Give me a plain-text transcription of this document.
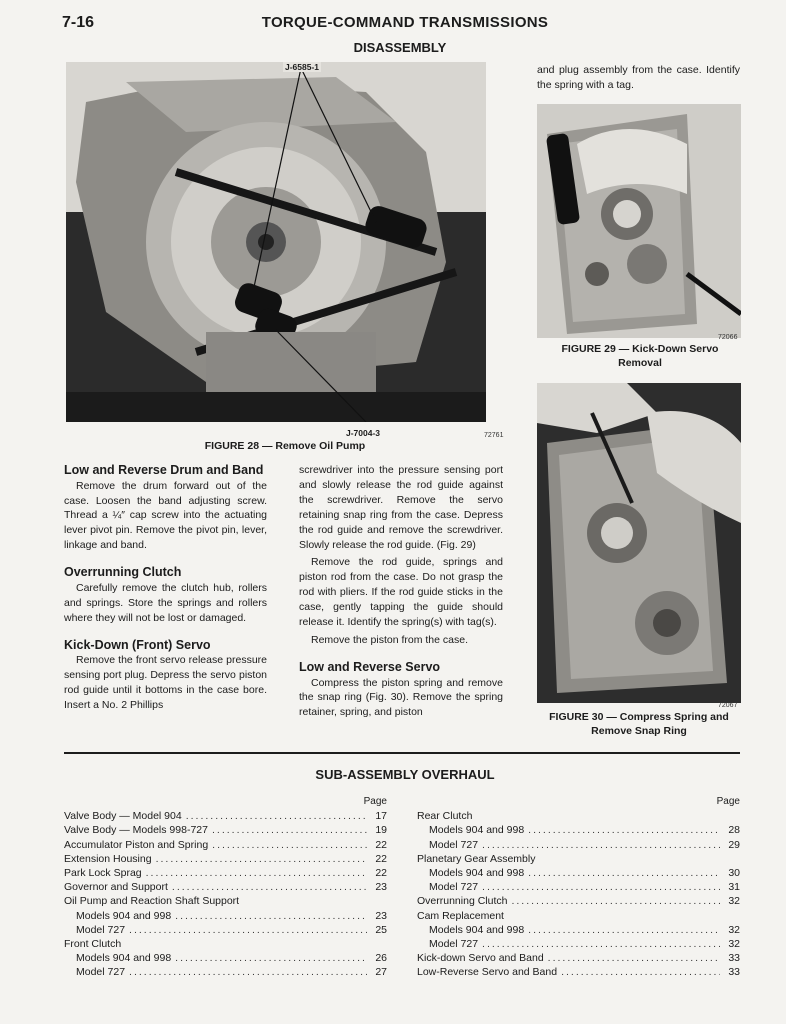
7-16	TORQUE-COMMAND TRANSMISSIONS
DISASSEMBLY
J-6585-1
J-7004-3	72761
FIGURE 28 — Remove Oil Pump

and plug assembly from the case. Identify the spring with a tag.

72066
FIGURE 29 — Kick-Down Servo
Removal
72067
FIGURE 30 — Compress Spring and
Remove Snap Ring
Low and Reverse Drum and Band

Remove the drum forward out of the case. Loosen the band adjusting screw. Thread a ¼″ cap screw into the actuating lever pivot pin. Remove the pivot pin, lever, linkage and band.

Overrunning Clutch

Carefully remove the clutch hub, rollers and springs. Store the springs and rollers where they will not be lost or damaged.

Kick-Down (Front) Servo

Remove the front servo release pressure sensing port plug. Depress the servo piston rod guide until it bottoms in the case bore. Insert a No. 2 Phillips

screwdriver into the pressure sensing port and slowly release the rod guide against the screwdriver. Remove the servo retaining snap ring from the case. Depress the rod guide and remove the screwdriver. Slowly release the rod guide. (Fig. 29)

Remove the rod guide, springs and piston rod from the case. Do not grasp the rod with pliers. If the rod guide sticks in the case, gently tapping the guide should release it. Identify the spring(s) with tag(s).

Remove the piston from the case.

Low and Reverse Servo

Compress the piston spring and remove the snap ring (Fig. 30). Remove the spring retainer, spring, and piston

SUB-ASSEMBLY OVERHAUL
Page
Valve Body — Model 904 .....	17
Valve Body — Models 998-727 .....	19
Accumulator Piston and Spring .....	22
Extension Housing .....	22
Park Lock Sprag .....	22
Governor and Support .....	23
Oil Pump and Reaction Shaft Support
Models 904 and 998 .....	23
Model 727 .....	25
Front Clutch
Models 904 and 998 .....	26
Model 727 .....	27
Page
Rear Clutch
Models 904 and 998 .....	28
Model 727 .....	29
Planetary Gear Assembly
Models 904 and 998 .....	30
Model 727 .....	31
Overrunning Clutch .....	32
Cam Replacement
Models 904 and 998 .....	32
Model 727 .....	32
Kick-down Servo and Band .....	33
Low-Reverse Servo and Band .....	33
